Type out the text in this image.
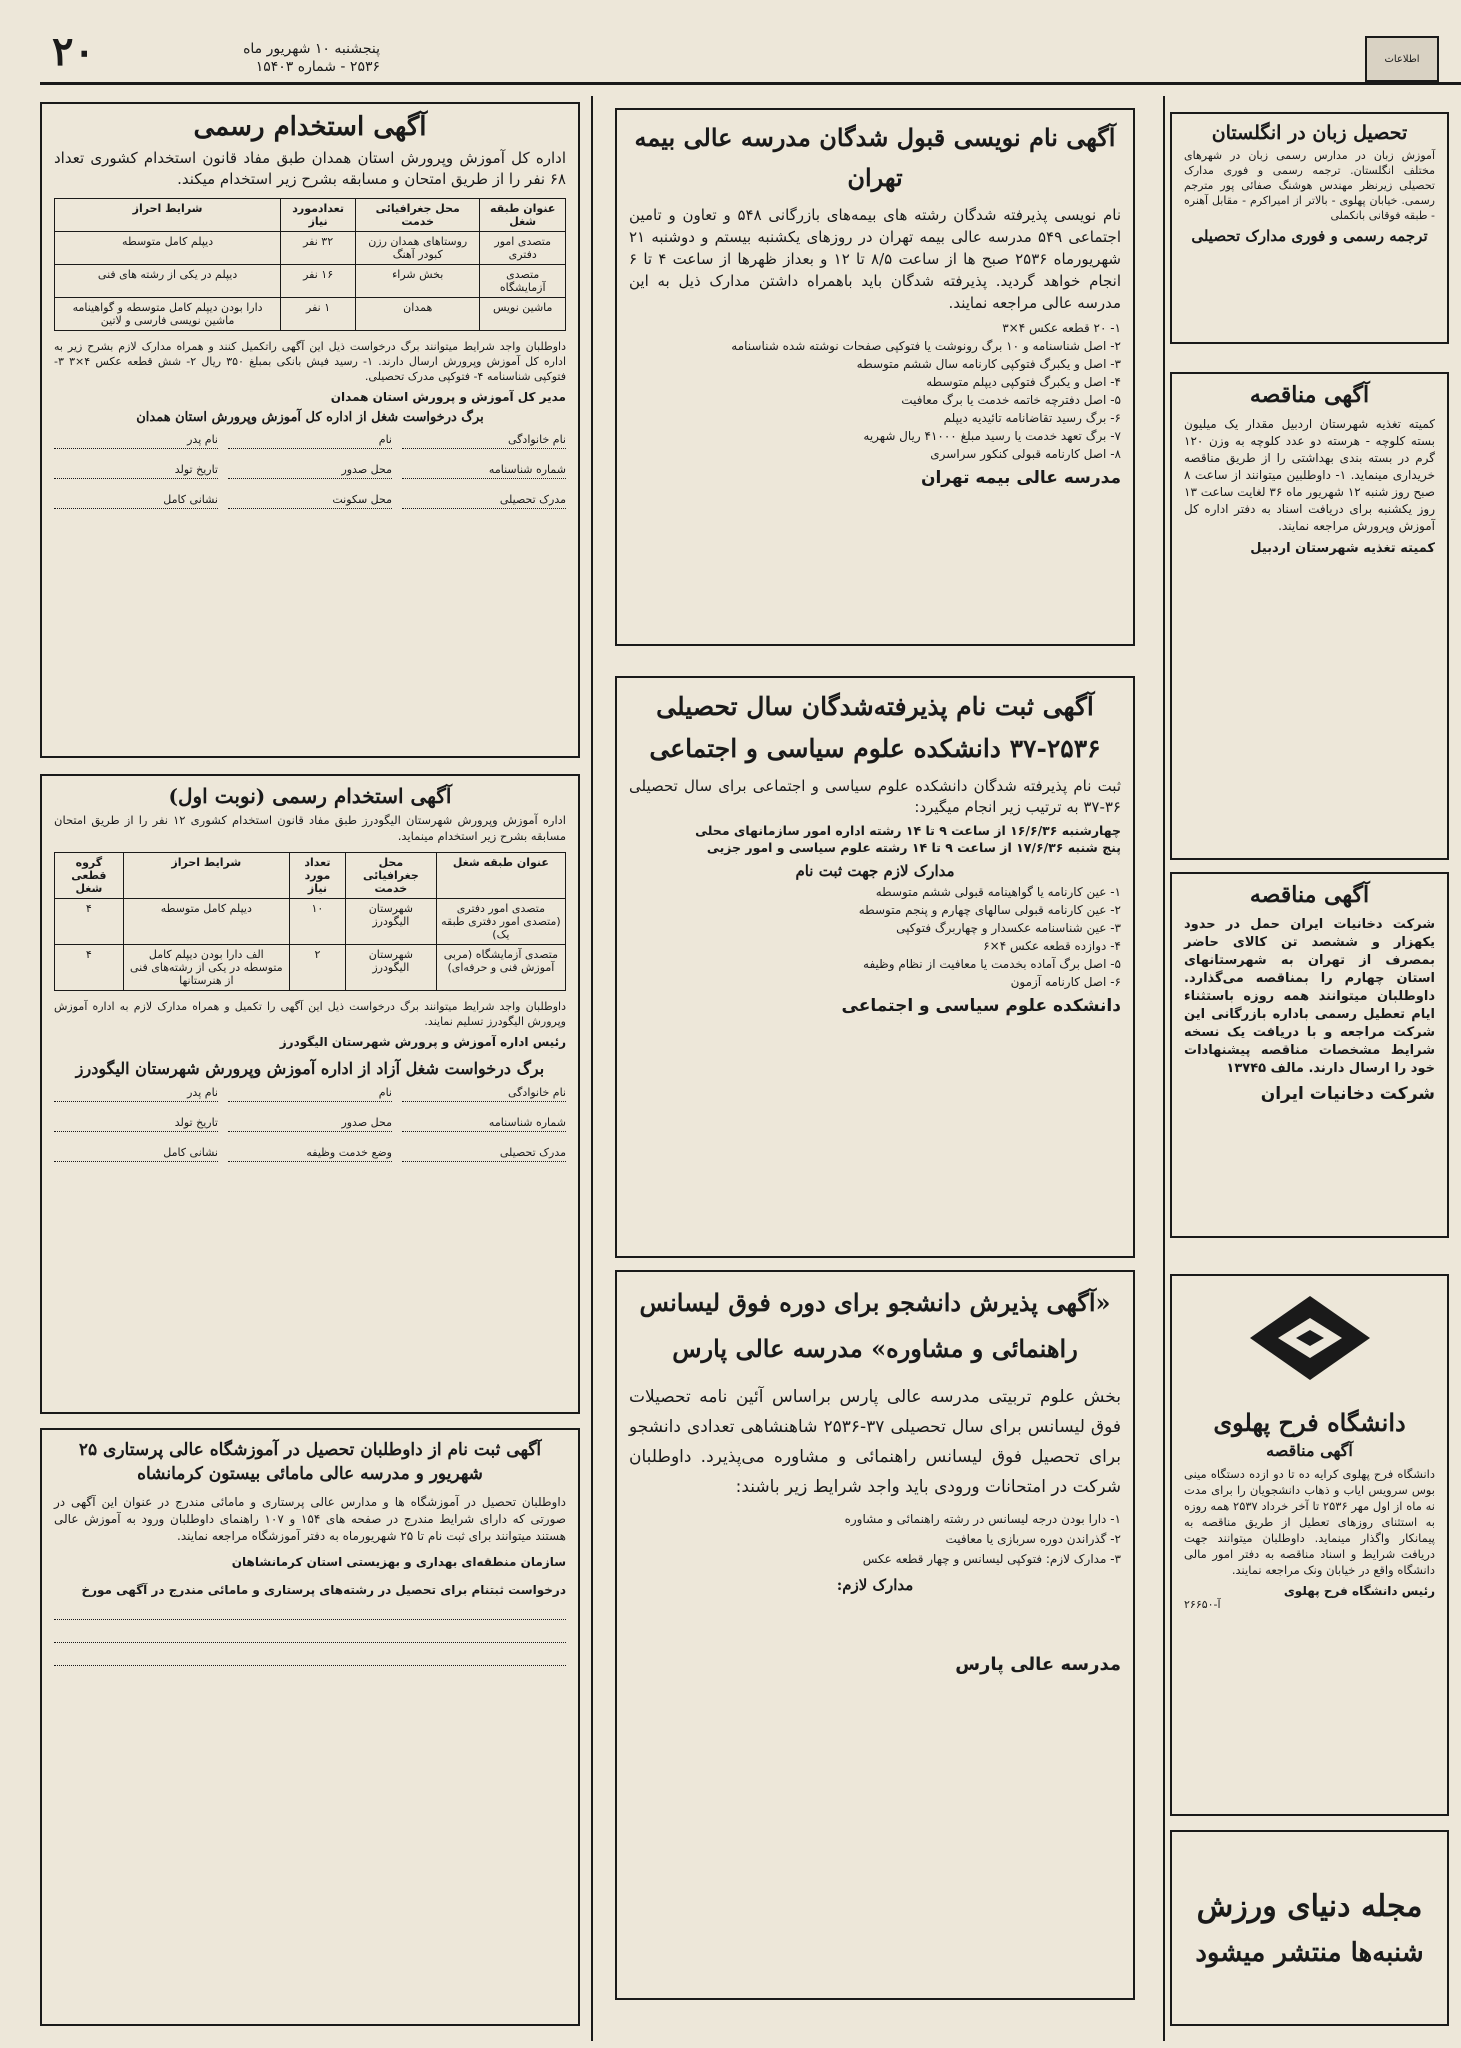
۲۰	پنجشنبه ۱۰ شهریور ماه
۲۵۳۶ - شماره ۱۵۴۰۳	اطلاعات
تحصیل زبان در انگلستان
آموزش زبان در مدارس رسمی زبان در شهرهای مختلف انگلستان. ترجمه رسمی و فوری مدارک تحصیلی زیرنظر مهندس هوشنگ صفائی پور مترجم رسمی. خیابان پهلوی - بالاتر از امیراکرم - مقابل آهنره - طبقه فوقانی بانکملی
ترجمه رسمی و فوری مدارک تحصیلی
آگهی مناقصه
کمیته تغذیه شهرستان اردبیل مقدار یک میلیون بسته کلوچه - هرسته دو عدد کلوچه به وزن ۱۲۰ گرم در بسته بندی بهداشتی را از طریق مناقصه خریداری مینماید. ۱- داوطلبین میتوانند از ساعت ۸ صبح روز شنبه ۱۲ شهریور ماه ۳۶ لغایت ساعت ۱۳ روز یکشنبه برای دریافت اسناد به دفتر اداره کل آموزش وپرورش مراجعه نمایند.
کمیته تغذیه شهرستان اردبیل
آگهی مناقصه
شرکت دخانیات ایران حمل در حدود یکهزار و ششصد تن کالای حاضر بمصرف از تهران به شهرستانهای استان چهارم را بمناقصه می‌گذارد. داوطلبان میتوانند همه روزه باستثناء ایام تعطیل رسمی باداره بازرگانی این شرکت مراجعه و با دریافت یک نسخه شرایط مشخصات مناقصه پیشنهادات خود را ارسال دارند. مالف ۱۳۷۴۵
شرکت دخانیات ایران
دانشگاه فرح پهلوی
آگهی مناقصه
دانشگاه فرح پهلوی کرایه ده تا دو ازده دستگاه مینی بوس سرویس ایاب و ذهاب دانشجویان را برای مدت نه ماه از اول مهر ۲۵۳۶ تا آخر خرداد ۲۵۳۷ همه روزه به استثنای روزهای تعطیل از طریق مناقصه به پیمانکار واگذار مینماید. داوطلبان میتوانند جهت دریافت شرایط و اسناد مناقصه به دفتر امور مالی دانشگاه واقع در خیابان ونک مراجعه نمایند.
رئیس دانشگاه فرح پهلوی
آ-۲۶۶۵۰
مجله دنیای ورزش
شنبه‌ها منتشر میشود
آگهی نام نویسی قبول شدگان مدرسه عالی بیمه تهران
نام نویسی پذیرفته شدگان رشته های بیمه‌های بازرگانی ۵۴۸ و تعاون و تامین اجتماعی ۵۴۹ مدرسه عالی بیمه تهران در روزهای یکشنبه بیستم و دوشنبه ۲۱ شهریورماه ۲۵۳۶ صبح ها از ساعت ۸/۵ تا ۱۲ و بعداز ظهرها از ساعت ۴ تا ۶ انجام خواهد گردید. پذیرفته شدگان باید باهمراه داشتن مدارک ذیل به این مدرسه عالی مراجعه نمایند.
۱- ۲۰ قطعه عکس ۴×۳
۲- اصل شناسنامه و ۱۰ برگ رونوشت یا فتوکپی صفحات نوشته شده شناسنامه
۳- اصل و یکبرگ فتوکپی کارنامه سال ششم متوسطه
۴- اصل و یکبرگ فتوکپی دیپلم متوسطه
۵- اصل دفترچه خاتمه خدمت یا برگ معافیت
۶- برگ رسید تقاضانامه تائیدیه دیپلم
۷- برگ تعهد خدمت یا رسید مبلغ ۴۱۰۰۰ ریال شهریه
۸- اصل کارنامه قبولی کنکور سراسری
مدرسه عالی بیمه تهران
آگهی ثبت نام پذیرفته‌شدگان سال تحصیلی ۲۵۳۶-۳۷ دانشکده علوم سیاسی و اجتماعی
ثبت نام پذیرفته شدگان دانشکده علوم سیاسی و اجتماعی برای سال تحصیلی ۳۶-۳۷ به ترتیب زیر انجام میگیرد:
چهارشنبه ۱۶/۶/۳۶ از ساعت ۹ تا ۱۴ رشته اداره امور سازمانهای محلی
پنج شنبه ۱۷/۶/۳۶ از ساعت ۹ تا ۱۴ رشته علوم سیاسی و امور جزیی
مدارک لازم جهت ثبت نام
۱- عین کارنامه یا گواهینامه قبولی ششم متوسطه
۲- عین کارنامه قبولی سالهای چهارم و پنجم متوسطه
۳- عین شناسنامه عکسدار و چهاربرگ فتوکپی
۴- دوازده قطعه عکس ۴×۶
۵- اصل برگ آماده بخدمت یا معافیت از نظام وظیفه
۶- اصل کارنامه آزمون
دانشکده علوم سیاسی و اجتماعی
«آگهی پذیرش دانشجو برای دوره فوق لیسانس راهنمائی و مشاوره» مدرسه عالی پارس
بخش علوم تربیتی مدرسه عالی پارس براساس آئین نامه تحصیلات فوق لیسانس برای سال تحصیلی ۳۷-۲۵۳۶ شاهنشاهی تعدادی دانشجو برای تحصیل فوق لیسانس راهنمائی و مشاوره می‌پذیرد. داوطلبان شرکت در امتحانات ورودی باید واجد شرایط زیر باشند:
۱- دارا بودن درجه لیسانس در رشته راهنمائی و مشاوره
۲- گذراندن دوره سربازی یا معافیت
۳- مدارک لازم: فتوکپی لیسانس و چهار قطعه عکس
مدارک لازم:
مدرسه عالی پارس
آگهی استخدام رسمی
اداره کل آموزش وپرورش استان همدان طبق مفاد قانون استخدام کشوری تعداد ۶۸ نفر را از طریق امتحان و مسابقه بشرح زیر استخدام میکند.
عنوان طبقه شغل	محل جغرافیائی خدمت	تعدادمورد نیاز	شرایط احراز
متصدی امور دفتری	روستاهای همدان رزن کبودر آهنگ	۳۲ نفر	دیپلم کامل متوسطه
متصدی آزمایشگاه	بخش شراء	۱۶ نفر	دیپلم در یکی از رشته های فنی
ماشین نویس	همدان	۱ نفر	دارا بودن دیپلم کامل متوسطه و گواهینامه ماشین نویسی فارسی و لاتین
داوطلبان واجد شرایط میتوانند برگ درخواست ذیل این آگهی راتکمیل کنند و همراه مدارک لازم بشرح زیر به اداره کل آموزش وپرورش ارسال دارند. ۱- رسید فیش بانکی بمبلغ ۳۵۰ ریال ۲- شش قطعه عکس ۴×۳ ۳- فتوکپی شناسنامه ۴- فتوکپی مدرک تحصیلی.
مدیر کل آموزش و پرورش استان همدان
برگ درخواست شغل از اداره کل آموزش وپرورش استان همدان
نام خانوادگی
نام
نام پدر
شماره شناسنامه
محل صدور
تاریخ تولد
مدرک تحصیلی
محل سکونت
نشانی کامل
آگهی استخدام رسمی (نوبت اول)
اداره آموزش وپرورش شهرستان الیگودرز طبق مفاد قانون استخدام کشوری ۱۲ نفر را از طریق امتحان مسابقه بشرح زیر استخدام مینماید.
عنوان طبقه شغل	محل جغرافیائی خدمت	تعداد مورد نیاز	شرایط احراز	گروه قطعی شغل
متصدی امور دفتری (متصدی امور دفتری طبقه یک)	شهرستان الیگودرز	۱۰	دیپلم کامل متوسطه	۴
متصدی آزمایشگاه (مربی آموزش فنی و حرفه‌ای)	شهرستان الیگودرز	۲	الف دارا بودن دیپلم کامل متوسطه در یکی از رشته‌های فنی از هنرستانها	۴
داوطلبان واجد شرایط میتوانند برگ درخواست ذیل این آگهی را تکمیل و همراه مدارک لازم به اداره آموزش وپرورش الیگودرز تسلیم نمایند.
رئیس اداره آموزش و پرورش شهرستان الیگودرز
برگ درخواست شغل آزاد از اداره آموزش وپرورش شهرستان الیگودرز
نام خانوادگی
نام
نام پدر
شماره شناسنامه
محل صدور
تاریخ تولد
مدرک تحصیلی
وضع خدمت وظیفه
نشانی کامل
آگهی ثبت نام از داوطلبان تحصیل در آموزشگاه عالی پرستاری ۲۵ شهریور و مدرسه عالی مامائی بیستون کرمانشاه
داوطلبان تحصیل در آموزشگاه ها و مدارس عالی پرستاری و مامائی مندرج در عنوان این آگهی در صورتی که دارای شرایط مندرج در صفحه های ۱۵۴ و ۱۰۷ راهنمای داوطلبان ورود به آموزش عالی هستند میتوانند برای ثبت نام تا ۲۵ شهریورماه به دفتر آموزشگاه مراجعه نمایند.
سازمان منطقه‌ای بهداری و بهزیستی استان کرمانشاهان
درخواست ثبتنام برای تحصیل در رشته‌های پرستاری و مامائی مندرج در آگهی مورخ
